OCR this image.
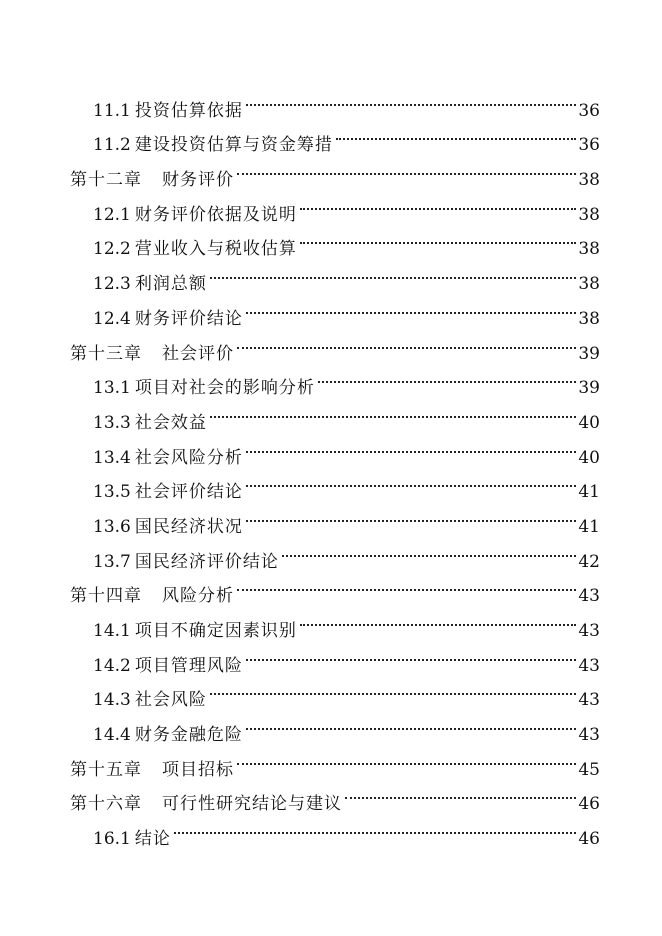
11.1 投资估算依据	36
11.2 建设投资估算与资金筹措	36
第十二章 财务评价	38
12.1 财务评价依据及说明	38
12.2 营业收入与税收估算	38
12.3 利润总额	38
12.4 财务评价结论	38
第十三章 社会评价	39
13.1 项目对社会的影响分析	39
13.3 社会效益	40
13.4 社会风险分析	40
13.5 社会评价结论	41
13.6 国民经济状况	41
13.7 国民经济评价结论	42
第十四章 风险分析	43
14.1 项目不确定因素识别	43
14.2 项目管理风险	43
14.3 社会风险	43
14.4 财务金融危险	43
第十五章 项目招标	45
第十六章 可行性研究结论与建议	46
16.1 结论	46
